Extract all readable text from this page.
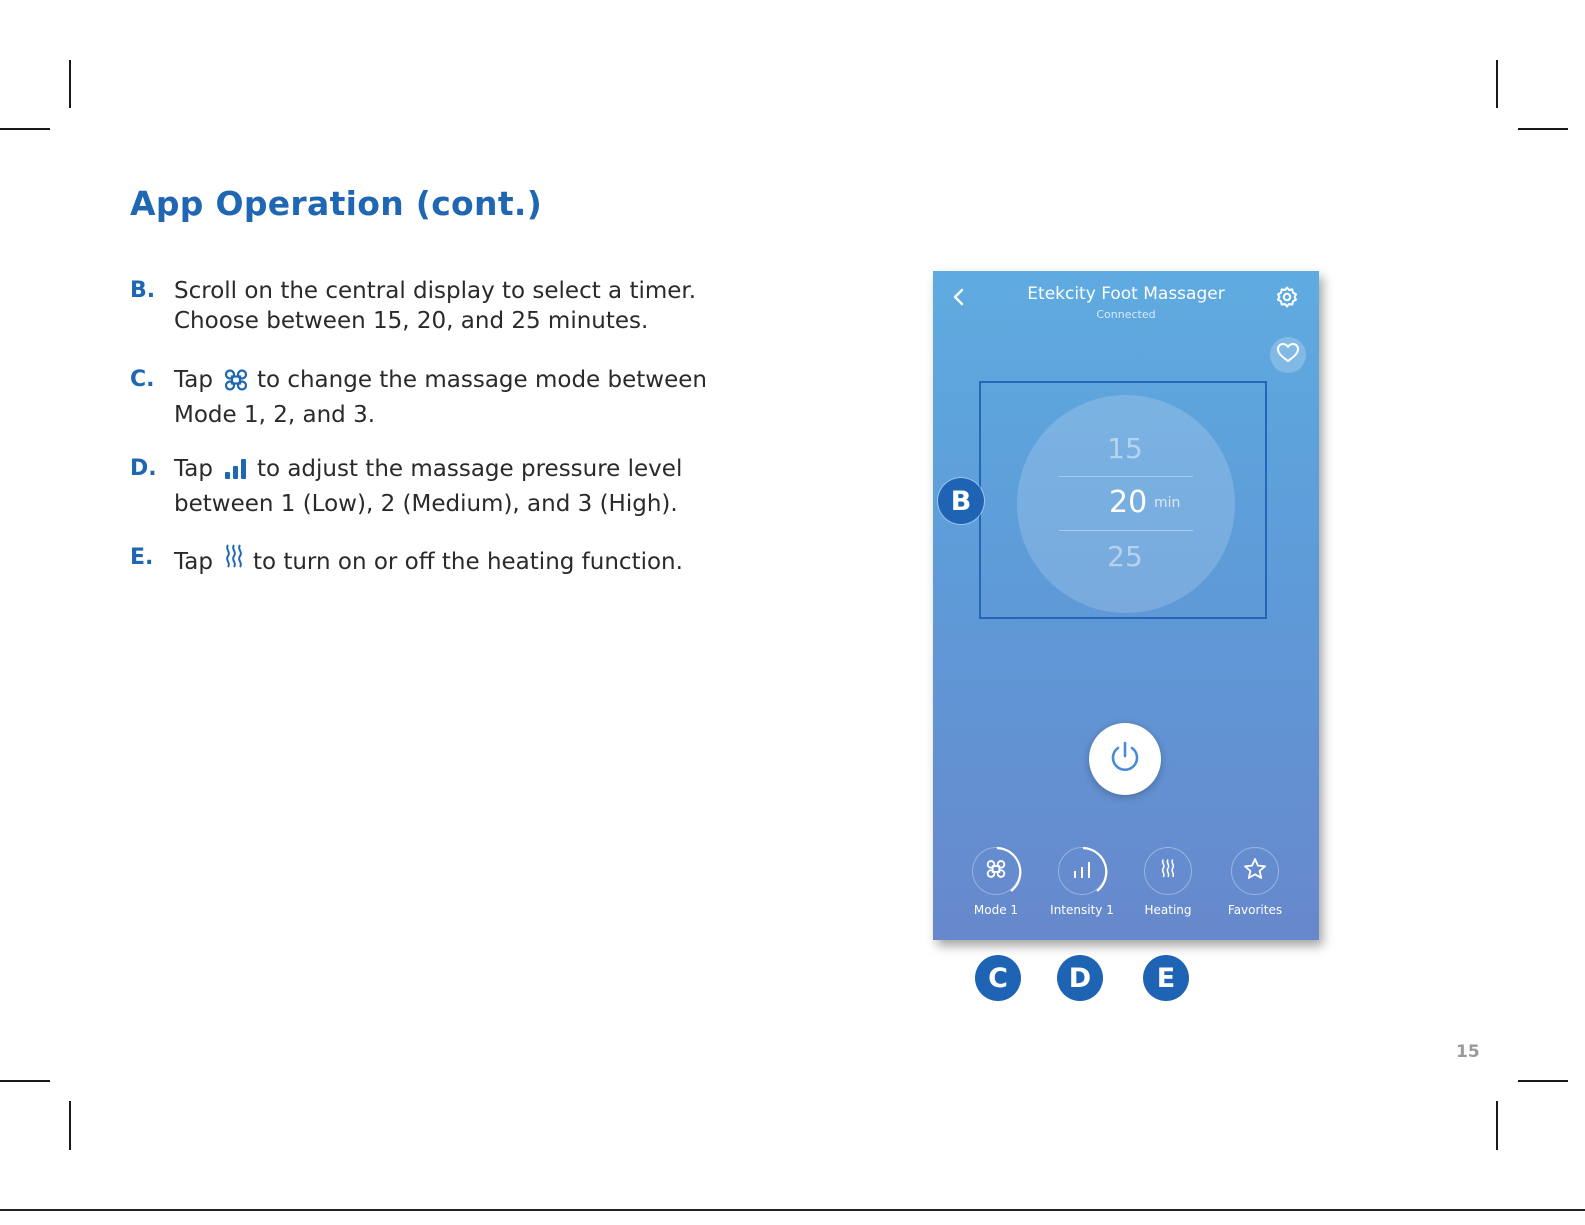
App Operation (cont.)
B. Scroll on the central display to select a timer.
Choose between 15, 20, and 25 minutes.
C. Tap to change the massage mode between
Mode 1, 2, and 3.
D. Tap to adjust the massage pressure level
between 1 (Low), 2 (Medium), and 3 (High).
E. Tap to turn on or off the heating function.
Etekcity Foot Massager
Connected
15
20 min
25
Mode 1	Intensity 1	Heating	Favorites
B
C	D	E
15
